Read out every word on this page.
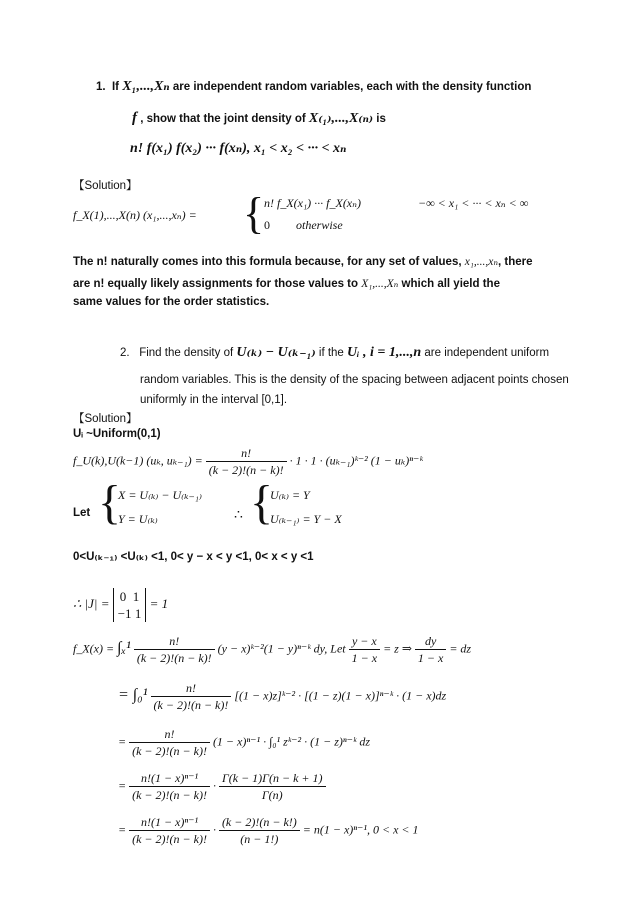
1. If X₁,...,Xₙ are independent random variables, each with the density function
f , show that the joint density of X₍₁₎,...,X₍ₙ₎ is
n! f(x₁) f(x₂) ··· f(xₙ), x₁ < x₂ < ··· < xₙ
【Solution】
f_X(1),...,X(n) (x₁,...,xₙ) = { n! f_X(x₁) ··· f_X(xₙ)	−∞ < x₁ < ··· < xₙ < ∞
0 otherwise
The n! naturally comes into this formula because, for any set of values, x₁,...,xₙ, there
are n! equally likely assignments for those values to X₁,...,Xₙ which all yield the
same values for the order statistics.
2. Find the density of U₍ₖ₎ − U₍ₖ₋₁₎ if the Uᵢ , i = 1,...,n are independent uniform
random variables. This is the density of the spacing between adjacent points chosen
uniformly in the interval [0,1].
【Solution】
Uᵢ ~Uniform(0,1)
f_U(k),U(k−1) (uₖ, $u_{k-1}) = \frac{n!}{(k - 2)!(n - k)!} \cdot 1 \cdot 1$ · (uₖ₋₁)ᵏ⁻² (1 − uₖ)ⁿ⁻ᵏ
Let {
X = U₍ₖ₎ − U₍ₖ₋₁₎
Y = U₍ₖ₎	∴ {
U₍ₖ₎ = Y
U₍ₖ₋₁₎ = Y − X
0<U₍ₖ₋₁₎ <U₍ₖ₎ <1, 0< y − x < y <1, 0< x < y <1
∴ |J| = 0 1
−1 1
= 1
f_X(x) = $\int_x^1 \frac{n!}{(k - 2)!(n - k)!} (y$ − x)ᵏ⁻²(1 − y)ⁿ⁻ᵏ dy, Let $\frac{y - x}{1 - x} = z$ ⇒ $\frac{dy}{1 - x}$ = dz
= $\int_0^1 \frac{n!}{(k - 2)!(n - k)!} [(1$ − x)z]ᵏ⁻² · [(1 − z)(1 − x)]ⁿ⁻ᵏ · (1 − x)dz
= $\frac{n!}{(k - 2)!(n - k)!} (1 - x)^{n-1} \cdot \int_0^1$ zᵏ⁻² · (1 − z)ⁿ⁻ᵏ dz
= $\frac{\text{n!(1 − x)ⁿ⁻¹}}{(k - 2)!(n - k)!} \cdot \frac{\Gamma(k - 1)\Gamma(n - k + 1)}{\Gamma(n)}$
= $\frac{\text{n!(1 − x)ⁿ⁻¹}}{(k - 2)!(n - k)!} \cdot \frac{(k - 2)!(n - k!)}{(n - 1!)} = n(1 - x)^{n-1}$, 0 < x < 1
